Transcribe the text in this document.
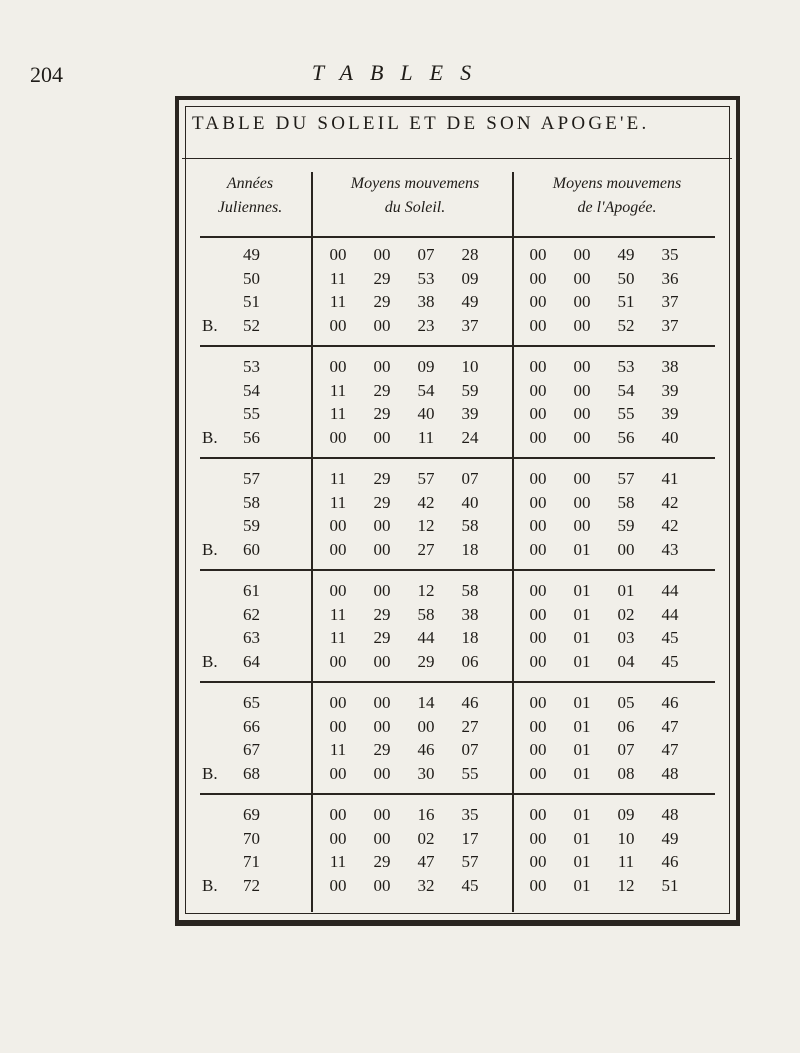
204	TABLES
TABLE DU SOLEIL ET DE SON APOGE'E.
Années
Juliennes.
Moyens mouvemens
du Soleil.
Moyens mouvemens
de l'Apogée.
49	00	00	07	28	00	00	49	35
50	11	29	53	09	00	00	50	36
51	11	29	38	49	00	00	51	37
B.	52	00	00	23	37	00	00	52	37
53	00	00	09	10	00	00	53	38
54	11	29	54	59	00	00	54	39
55	11	29	40	39	00	00	55	39
B.	56	00	00	11	24	00	00	56	40
57	11	29	57	07	00	00	57	41
58	11	29	42	40	00	00	58	42
59	00	00	12	58	00	00	59	42
B.	60	00	00	27	18	00	01	00	43
61	00	00	12	58	00	01	01	44
62	11	29	58	38	00	01	02	44
63	11	29	44	18	00	01	03	45
B.	64	00	00	29	06	00	01	04	45
65	00	00	14	46	00	01	05	46
66	00	00	00	27	00	01	06	47
67	11	29	46	07	00	01	07	47
B.	68	00	00	30	55	00	01	08	48
69	00	00	16	35	00	01	09	48
70	00	00	02	17	00	01	10	49
71	11	29	47	57	00	01	11	46
B.	72	00	00	32	45	00	01	12	51
